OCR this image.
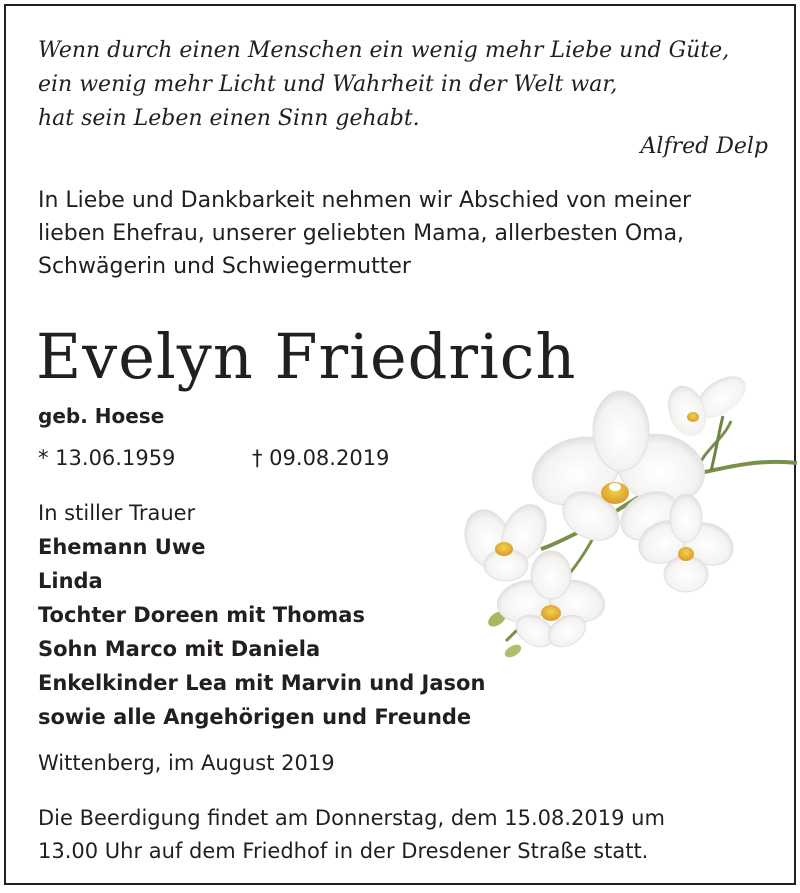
Wenn durch einen Menschen ein wenig mehr Liebe und Güte,
ein wenig mehr Licht und Wahrheit in der Welt war,
hat sein Leben einen Sinn gehabt.
Alfred Delp
In Liebe und Dankbarkeit nehmen wir Abschied von meiner
lieben Ehefrau, unserer geliebten Mama, allerbesten Oma,
Schwägerin und Schwiegermutter
Evelyn Friedrich
geb. Hoese
* 13.06.1959	† 09.08.2019
In stiller Trauer
Ehemann Uwe
Linda
Tochter Doreen mit Thomas
Sohn Marco mit Daniela
Enkelkinder Lea mit Marvin und Jason
sowie alle Angehörigen und Freunde
Wittenberg, im August 2019
Die Beerdigung findet am Donnerstag, dem 15.08.2019 um
13.00 Uhr auf dem Friedhof in der Dresdener Straße statt.
